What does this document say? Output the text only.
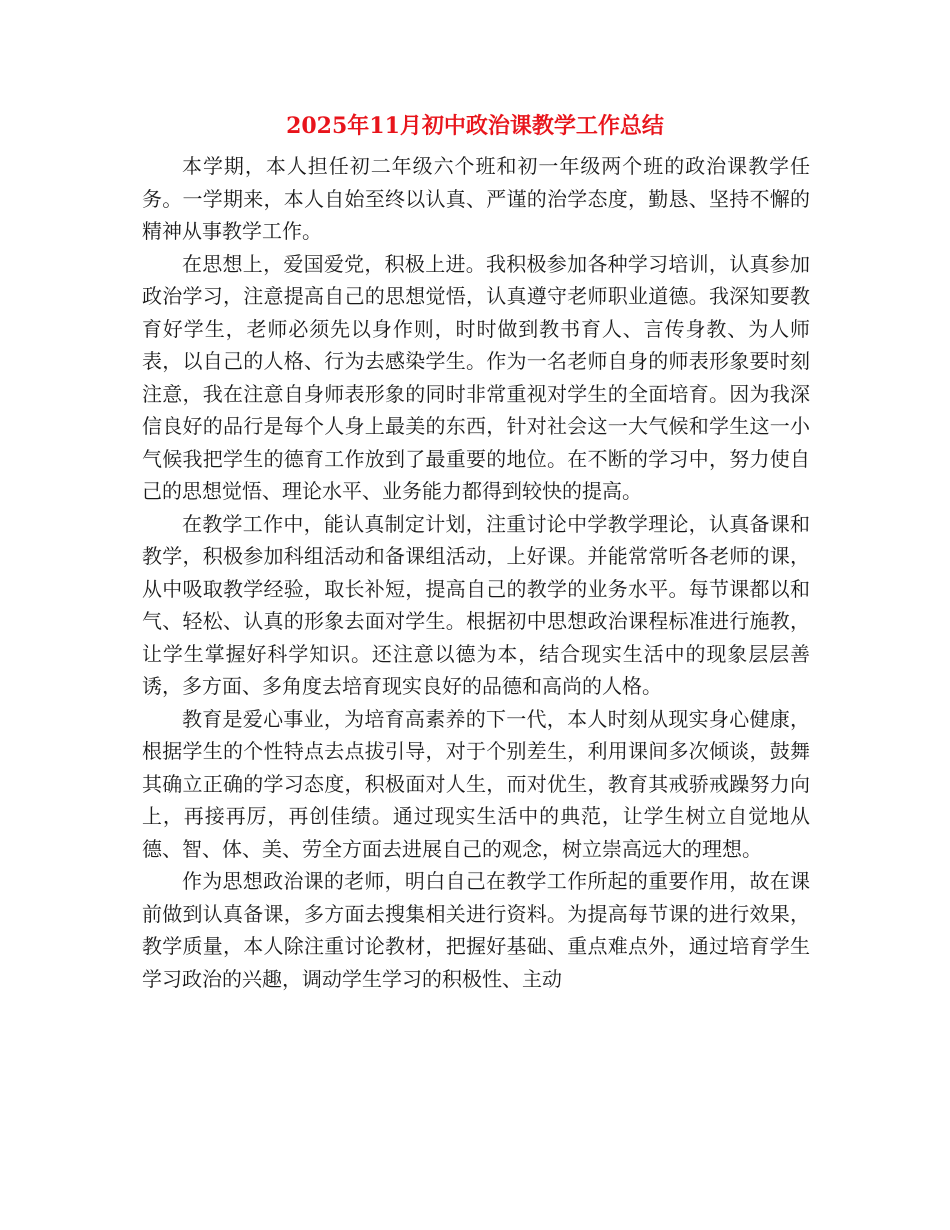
2025年11月初中政治课教学工作总结

本学期，本人担任初二年级六个班和初一年级两个班的政治课教学任务。一学期来，本人自始至终以认真、严谨的治学态度，勤恳、坚持不懈的精神从事教学工作。

在思想上，爱国爱党，积极上进。我积极参加各种学习培训，认真参加政治学习，注意提高自己的思想觉悟，认真遵守老师职业道德。我深知要教育好学生，老师必须先以身作则，时时做到教书育人、言传身教、为人师表，以自己的人格、行为去感染学生。作为一名老师自身的师表形象要时刻注意，我在注意自身师表形象的同时非常重视对学生的全面培育。因为我深信良好的品行是每个人身上最美的东西，针对社会这一大气候和学生这一小气候我把学生的德育工作放到了最重要的地位。在不断的学习中，努力使自己的思想觉悟、理论水平、业务能力都得到较快的提高。

在教学工作中，能认真制定计划，注重讨论中学教学理论，认真备课和教学，积极参加科组活动和备课组活动，上好课。并能常常听各老师的课，从中吸取教学经验，取长补短，提高自己的教学的业务水平。每节课都以和气、轻松、认真的形象去面对学生。根据初中思想政治课程标准进行施教，让学生掌握好科学知识。还注意以德为本，结合现实生活中的现象层层善诱，多方面、多角度去培育现实良好的品德和高尚的人格。

教育是爱心事业，为培育高素养的下一代，本人时刻从现实身心健康，根据学生的个性特点去点拔引导，对于个别差生，利用课间多次倾谈，鼓舞其确立正确的学习态度，积极面对人生，而对优生，教育其戒骄戒躁努力向上，再接再厉，再创佳绩。通过现实生活中的典范，让学生树立自觉地从德、智、体、美、劳全方面去进展自己的观念，树立崇高远大的理想。

作为思想政治课的老师，明白自己在教学工作所起的重要作用，故在课前做到认真备课，多方面去搜集相关进行资料。为提高每节课的进行效果，教学质量，本人除注重讨论教材，把握好基础、重点难点外，通过培育学生学习政治的兴趣，调动学生学习的积极性、主动
